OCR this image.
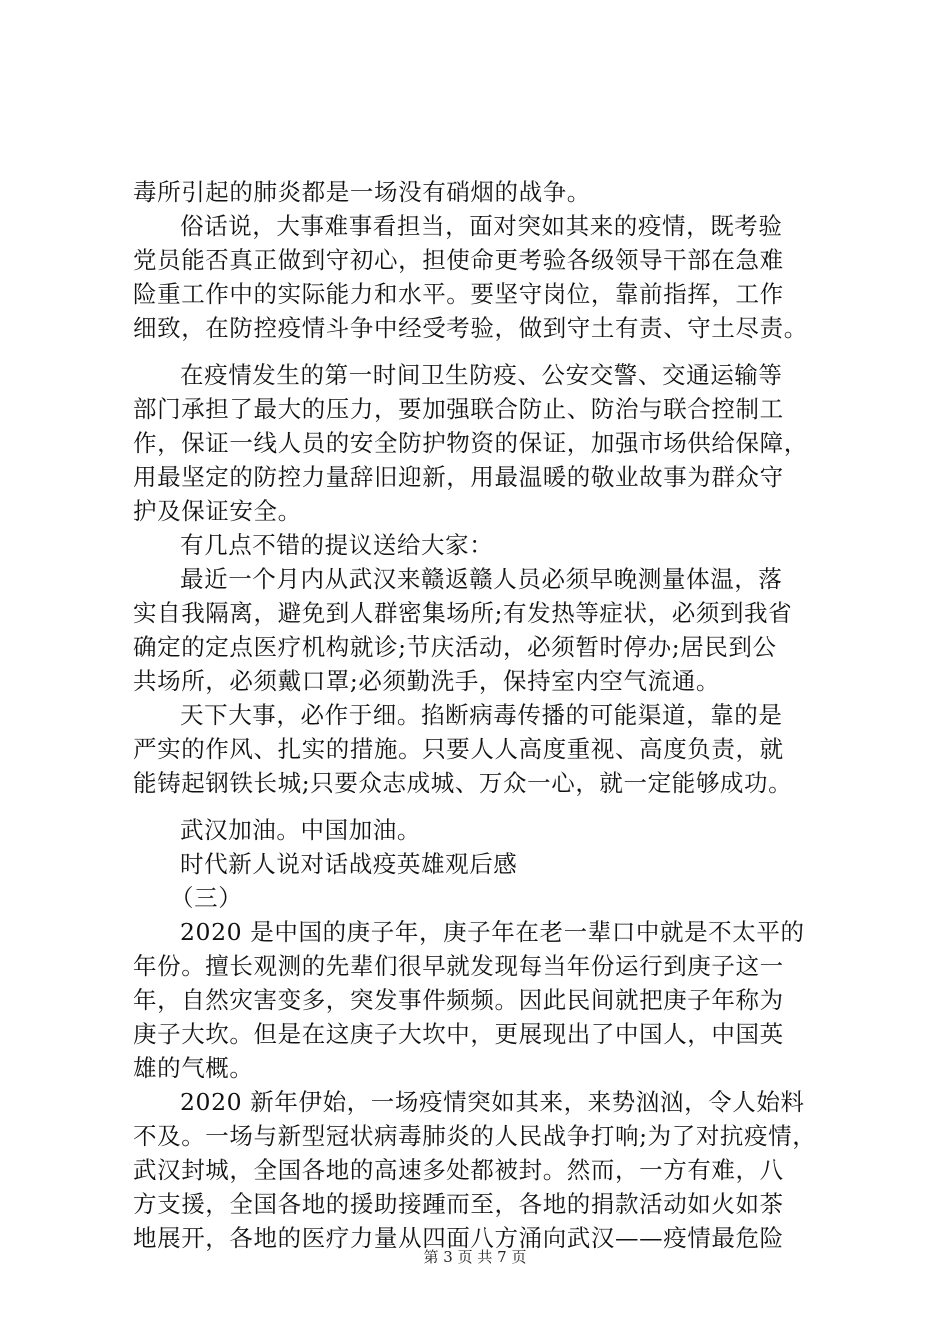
毒所引起的肺炎都是一场没有硝烟的战争。
俗话说，大事难事看担当，面对突如其来的疫情，既考验
党员能否真正做到守初心，担使命更考验各级领导干部在急难
险重工作中的实际能力和水平。要坚守岗位，靠前指挥，工作
细致，在防控疫情斗争中经受考验，做到守土有责、守土尽责。
在疫情发生的第一时间卫生防疫、公安交警、交通运输等
部门承担了最大的压力，要加强联合防止、防治与联合控制工
作，保证一线人员的安全防护物资的保证，加强市场供给保障，
用最坚定的防控力量辞旧迎新，用最温暖的敬业故事为群众守
护及保证安全。
有几点不错的提议送给大家：
最近一个月内从武汉来赣返赣人员必须早晚测量体温，落
实自我隔离，避免到人群密集场所;有发热等症状，必须到我省
确定的定点医疗机构就诊;节庆活动，必须暂时停办;居民到公
共场所，必须戴口罩;必须勤洗手，保持室内空气流通。
天下大事，必作于细。掐断病毒传播的可能渠道，靠的是
严实的作风、扎实的措施。只要人人高度重视、高度负责，就
能铸起钢铁长城;只要众志成城、万众一心，就一定能够成功。
武汉加油。中国加油。
时代新人说对话战疫英雄观后感
（三）
2020 是中国的庚子年，庚子年在老一辈口中就是不太平的
年份。擅长观测的先辈们很早就发现每当年份运行到庚子这一
年，自然灾害变多，突发事件频频。因此民间就把庚子年称为
庚子大坎。但是在这庚子大坎中，更展现出了中国人，中国英
雄的气概。
2020 新年伊始，一场疫情突如其来，来势汹汹，令人始料
不及。一场与新型冠状病毒肺炎的人民战争打响;为了对抗疫情，
武汉封城，全国各地的高速多处都被封。然而，一方有难，八
方支援，全国各地的援助接踵而至，各地的捐款活动如火如茶
地展开，各地的医疗力量从四面八方涌向武汉——疫情最危险
第 3 页 共 7 页
